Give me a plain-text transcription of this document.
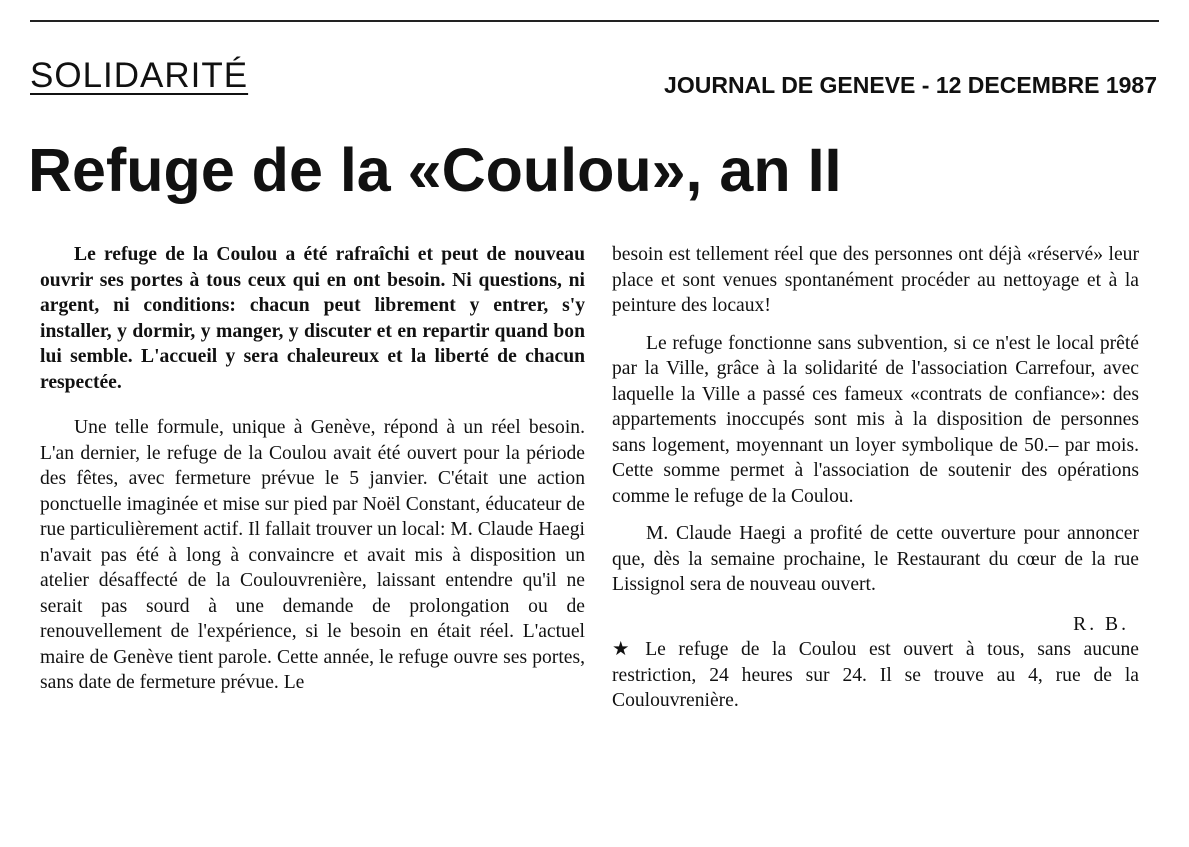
SOLIDARITÉ	JOURNAL DE GENEVE - 12 DECEMBRE 1987
Refuge de la «Coulou», an II

Le refuge de la Coulou a été rafraîchi et peut de nouveau ouvrir ses portes à tous ceux qui en ont besoin. Ni questions, ni argent, ni conditions: chacun peut librement y entrer, s'y installer, y dormir, y manger, y discuter et en repartir quand bon lui semble. L'accueil y sera chaleureux et la liberté de chacun respectée.

Une telle formule, unique à Genève, répond à un réel besoin. L'an dernier, le refuge de la Coulou avait été ouvert pour la période des fêtes, avec fermeture prévue le 5 janvier. C'était une action ponctuelle imaginée et mise sur pied par Noël Constant, éducateur de rue particulièrement actif. Il fallait trouver un local: M. Claude Haegi n'avait pas été à long à convaincre et avait mis à disposition un atelier désaffecté de la Coulouvrenière, laissant entendre qu'il ne serait pas sourd à une demande de prolongation ou de renouvellement de l'expérience, si le besoin en était réel. L'actuel maire de Genève tient parole. Cette année, le refuge ouvre ses portes, sans date de fermeture prévue. Le

besoin est tellement réel que des personnes ont déjà «réservé» leur place et sont venues spontanément procéder au nettoyage et à la peinture des locaux!

Le refuge fonctionne sans subvention, si ce n'est le local prêté par la Ville, grâce à la solidarité de l'association Carrefour, avec laquelle la Ville a passé ces fameux «contrats de confiance»: des appartements inoccupés sont mis à la disposition de personnes sans logement, moyennant un loyer symbolique de 50.– par mois. Cette somme permet à l'association de soutenir des opérations comme le refuge de la Coulou.

M. Claude Haegi a profité de cette ouverture pour annoncer que, dès la semaine prochaine, le Restaurant du cœur de la rue Lissignol sera de nouveau ouvert.

R. B.

★ Le refuge de la Coulou est ouvert à tous, sans aucune restriction, 24 heures sur 24. Il se trouve au 4, rue de la Coulouvrenière.
